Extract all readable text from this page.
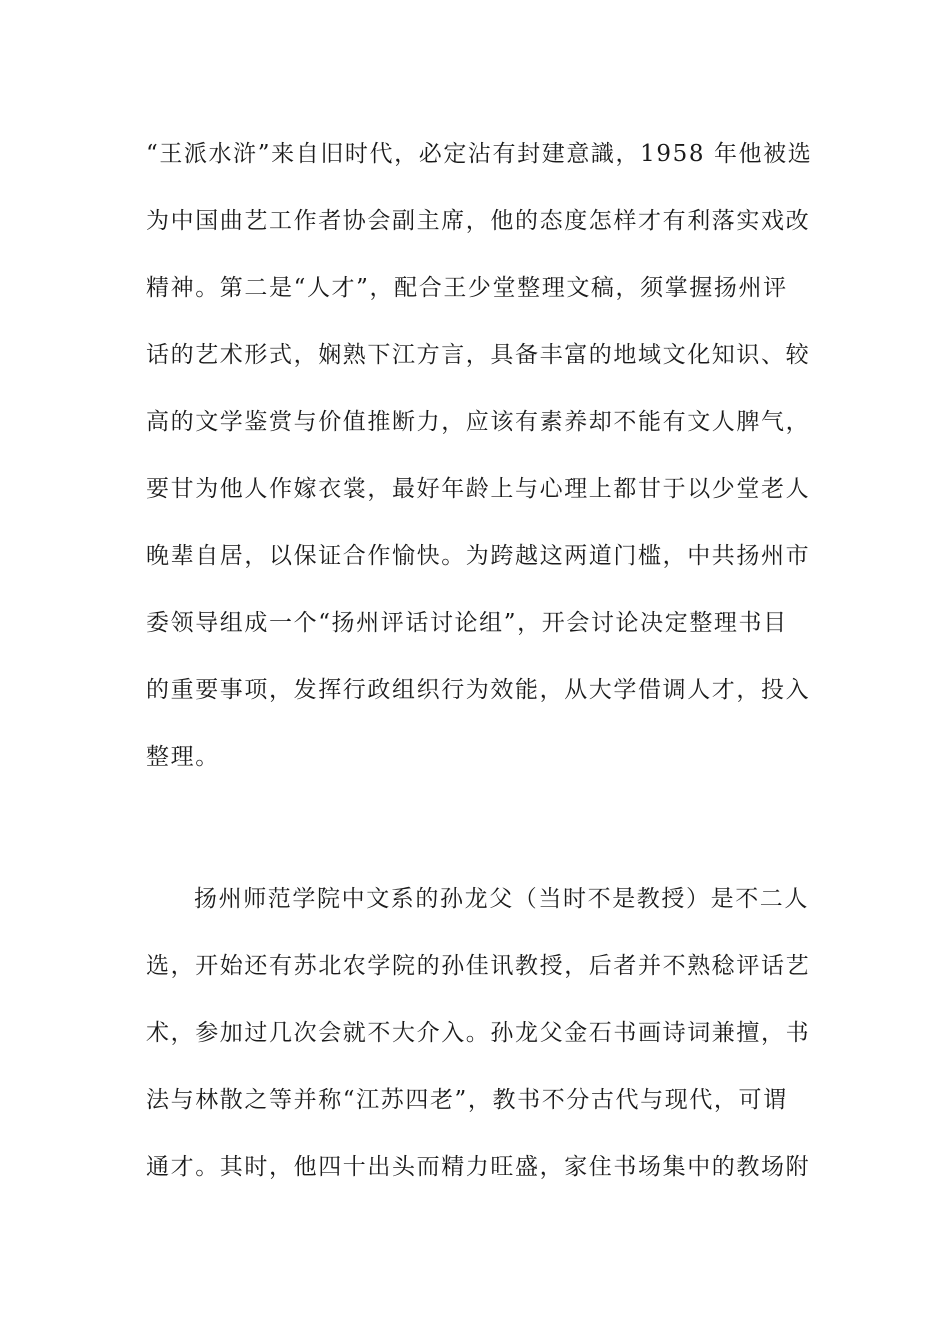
“王派水浒”来自旧时代，必定沾有封建意識，1958 年他被选
为中国曲艺工作者协会副主席，他的态度怎样才有利落实戏改
精神。第二是“人才”，配合王少堂整理文稿，须掌握扬州评
话的艺术形式，娴熟下江方言，具备丰富的地域文化知识、较
高的文学鉴赏与价值推断力，应该有素养却不能有文人脾气，
要甘为他人作嫁衣裳，最好年龄上与心理上都甘于以少堂老人
晚辈自居，以保证合作愉快。为跨越这两道门槛，中共扬州市
委领导组成一个“扬州评话讨论组”，开会讨论决定整理书目
的重要事项，发挥行政组织行为效能，从大学借调人才，投入
整理。
扬州师范学院中文系的孙龙父（当时不是教授）是不二人
选，开始还有苏北农学院的孙佳讯教授，后者并不熟稔评话艺
术，参加过几次会就不大介入。孙龙父金石书画诗词兼擅，书
法与林散之等并称“江苏四老”，教书不分古代与现代，可谓
通才。其时，他四十出头而精力旺盛，家住书场集中的教场附
